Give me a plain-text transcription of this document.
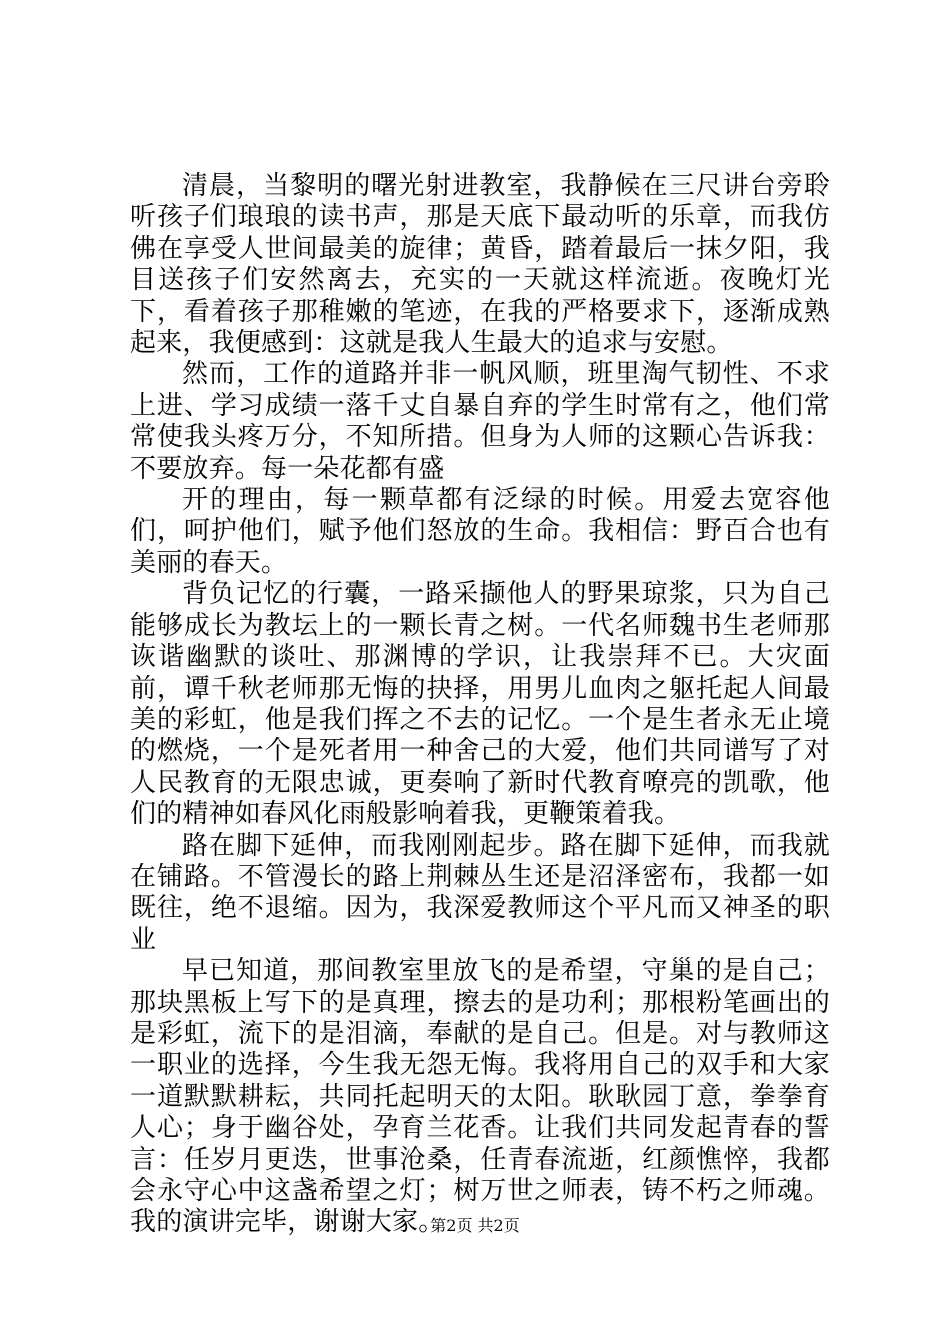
清晨，当黎明的曙光射进教室，我静候在三尺讲台旁聆听孩子们琅琅的读书声，那是天底下最动听的乐章，而我仿佛在享受人世间最美的旋律；黄昏，踏着最后一抹夕阳，我目送孩子们安然离去，充实的一天就这样流逝。夜晚灯光下，看着孩子那稚嫩的笔迹，在我的严格要求下，逐渐成熟起来，我便感到：这就是我人生最大的追求与安慰。

然而，工作的道路并非一帆风顺，班里淘气韧性、不求上进、学习成绩一落千丈自暴自弃的学生时常有之，他们常常使我头疼万分，不知所措。但身为人师的这颗心告诉我：不要放弃。每一朵花都有盛

开的理由，每一颗草都有泛绿的时候。用爱去宽容他们，呵护他们，赋予他们怒放的生命。我相信：野百合也有美丽的春天。

背负记忆的行囊，一路采撷他人的野果琼浆，只为自己能够成长为教坛上的一颗长青之树。一代名师魏书生老师那诙谐幽默的谈吐、那渊博的学识，让我崇拜不已。大灾面前，谭千秋老师那无悔的抉择，用男儿血肉之躯托起人间最美的彩虹，他是我们挥之不去的记忆。一个是生者永无止境的燃烧，一个是死者用一种舍己的大爱，他们共同谱写了对人民教育的无限忠诚，更奏响了新时代教育嘹亮的凯歌，他们的精神如春风化雨般影响着我，更鞭策着我。

路在脚下延伸，而我刚刚起步。路在脚下延伸，而我就在铺路。不管漫长的路上荆棘丛生还是沼泽密布，我都一如既往，绝不退缩。因为，我深爱教师这个平凡而又神圣的职业

早已知道，那间教室里放飞的是希望，守巢的是自己；那块黑板上写下的是真理，擦去的是功利；那根粉笔画出的是彩虹，流下的是泪滴，奉献的是自己。但是。对与教师这一职业的选择，今生我无怨无悔。我将用自己的双手和大家一道默默耕耘，共同托起明天的太阳。耿耿园丁意，拳拳育人心；身于幽谷处，孕育兰花香。让我们共同发起青春的誓言：任岁月更迭，世事沧桑，任青春流逝，红颜憔悴，我都会永守心中这盏希望之灯；树万世之师表，铸不朽之师魂。我的演讲完毕，谢谢大家。

第2页 共2页
